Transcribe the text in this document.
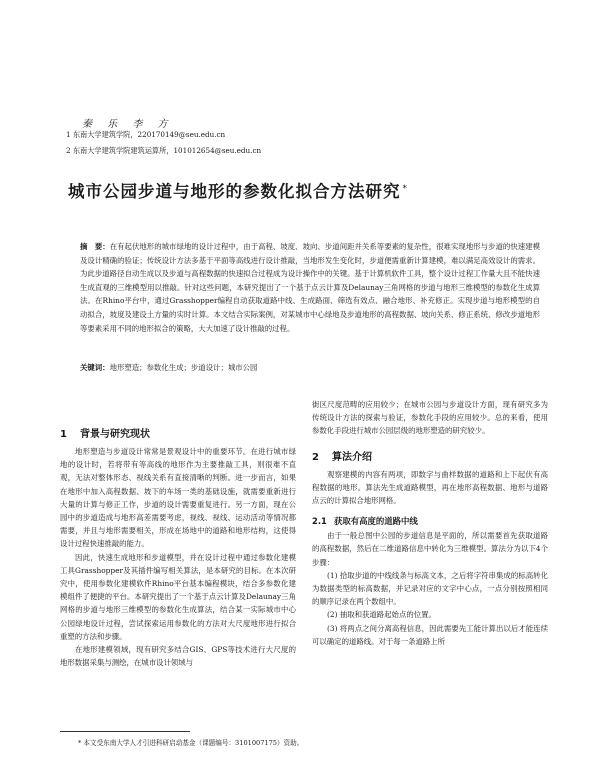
秦 乐 李 方
1 东南大学建筑学院，220170149@seu.edu.cn
2 东南大学建筑学院建筑运算所，101012654@seu.edu.cn
城市公园步道与地形的参数化拟合方法研究 *

摘　要：在有起伏地形的城市绿地的设计过程中，由于高程、坡度、坡向、步道间距并关系等要素的复杂性，很难实现地形与步道的快速建模及设计精确的验证；传统设计方法多基于平面等高线进行设计推敲，当地形发生变化时，步道便需重新计算建模，难以满足高效设计的需求。为此步道路径自动生成以及步道与高程数据的快速拟合过程成为设计操作中的关键。基于计算机软件工具，整个设计过程工作量大且不能快速生成直观的三维模型用以推敲。针对这些问题，本研究提出了一个基于点云计算及Delaunay三角网格的步道与地形三维模型的参数化生成算法。在Rhino平台中，通过Grasshopper编程自动获取道路中线、生成路面、筛选有效点、融合地形、补充修正。实现步道与地形模型的自动拟合，坡度及建设土方量的实时计算。本文结合实际案例，对某城市中心绿地及步道地形的高程数据、坡向关系、修正系统、修改步道地形等要素采用不同的地形拟合的策略，大大加速了设计推敲的过程。

关键词：地形塑造；参数化生成；步道设计；城市公园

1 背景与研究现状

地形塑造与步道设计常常是景观设计中的重要环节。在进行城市绿地的设计时，若将带有等高线的地形作为主要推敲工具，则很难不直观，无法对整体形态、视线关系有直接清晰的判断。进一步而言，如果在地形中加入高程数据、坡下的车场一类的基础设施，就需要重新进行大量的计算与修正工作，步道的设计需要重复进行。另一方面，现在公园中的步道造成与地形高差需要考虑，视线、视线、运动活动等情况都需要，并且与地形需要相关，形成在场地中的道路和地形结构，这使得设计过程快速推敲的能力。

因此，快速生成地形和步道模型，并在设计过程中通过参数化建模工具Grasshopper及其插件编写相关算法，是本研究的目标。在本次研究中，使用参数化建模软件Rhino平台基本编程模块，结合多参数化建模组件了便捷的平台。本研究提出了一个基于点云计算及Delaunay三角网格的步道与地形三维模型的参数化生成算法，结合某一实际城市中心公园绿地设计过程，尝试探索运用参数化的方法对大尺度地形进行拟合重塑的方法和步骤。

在地形建模领域，现有研究多结合GIS、GPS等技术进行大尺度的地形数据采集与测绘，在城市设计领域与

街区尺度范畴的应用较少；在城市公园与步道设计方面，现有研究多为传统设计方法的探索与验证，参数化手段的应用较少。总的来看，使用参数化手段进行城市公园层级的地形塑造的研究较少。

2 算法介绍

观察建模的内容有两项，即数字与曲样数据的道路和上下起伏有高程数据的地形。算法先生成道路模型，再在地形高程数据、地形与道路点云的计算拟合地形网格。

2.1 获取有高度的道路中线

由于一般总图中公园的步道信息是平面的，所以需要首先获取道路的高程数据，然后在二维道路信息中转化为三维模型。算法分为以下4个步骤：

(1) 拾取步道的中线线条与标高文本，之后将字符串集成的标高转化为数据类型的标高数据，并记录对应的文字中心点，一点分别按照相同的顺序记录在两个数组中。

(2) 抽取和获道路起始点的位置。

(3) 将两点之间分离高程信息，因此需要先工能计算出以后才能连续可以确定的道路线。对于每一条道路上所

* 本文受东南大学人才引进科研启动基金（课题编号：3101007175）资助。
